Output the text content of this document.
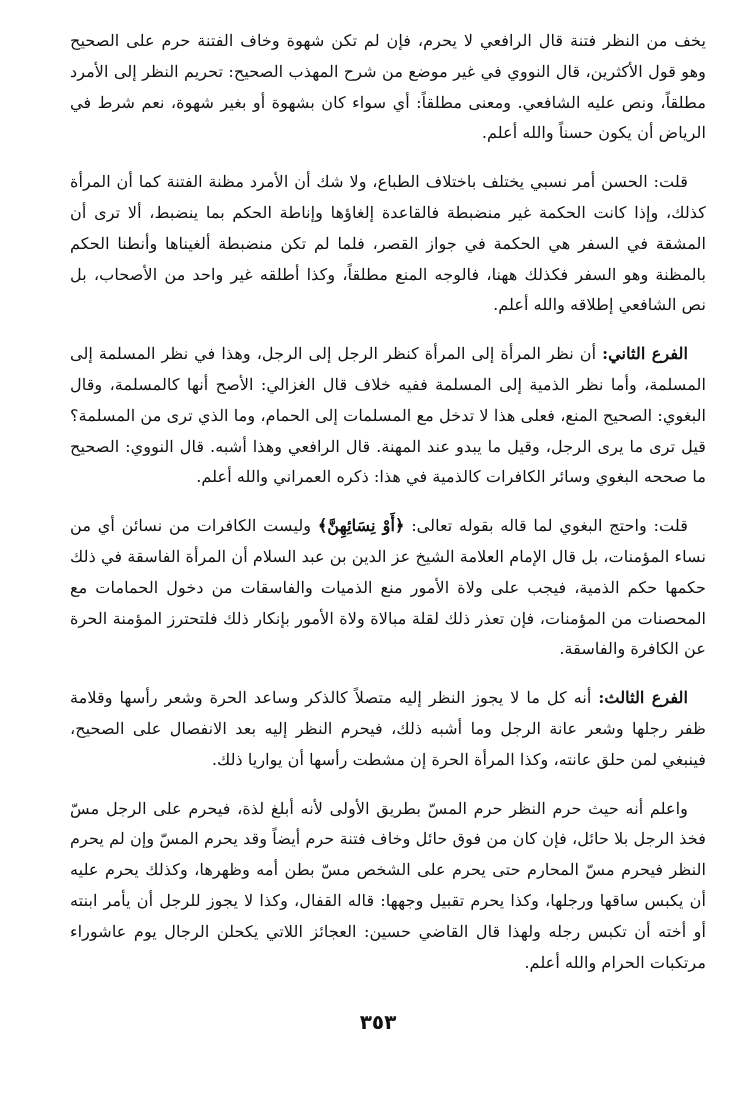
يخف من النظر فتنة قال الرافعي لا يحرم، فإن لم تكن شهوة وخاف الفتنة حرم على الصحيح وهو قول الأكثرين، قال النووي في غير موضع من شرح المهذب الصحيح: تحريم النظر إلى الأمرد مطلقاً، ونص عليه الشافعي. ومعنى مطلقاً: أي سواء كان بشهوة أو بغير شهوة، نعم شرط في الرياض أن يكون حسناً والله أعلم.

قلت: الحسن أمر نسبي يختلف باختلاف الطباع، ولا شك أن الأمرد مظنة الفتنة كما أن المرأة كذلك، وإذا كانت الحكمة غير منضبطة فالقاعدة إلغاؤها وإناطة الحكم بما ينضبط، ألا ترى أن المشقة في السفر هي الحكمة في جواز القصر، فلما لم تكن منضبطة ألغيناها وأنطنا الحكم بالمظنة وهو السفر فكذلك ههنا، فالوجه المنع مطلقاً، وكذا أطلقه غير واحد من الأصحاب، بل نص الشافعي إطلاقه والله أعلم.

الفرع الثاني: أن نظر المرأة إلى المرأة كنظر الرجل إلى الرجل، وهذا في نظر المسلمة إلى المسلمة، وأما نظر الذمية إلى المسلمة ففيه خلاف قال الغزالي: الأصح أنها كالمسلمة، وقال البغوي: الصحيح المنع، فعلى هذا لا تدخل مع المسلمات إلى الحمام، وما الذي ترى من المسلمة؟ قيل ترى ما يرى الرجل، وقيل ما يبدو عند المهنة. قال الرافعي وهذا أشبه. قال النووي: الصحيح ما صححه البغوي وسائر الكافرات كالذمية في هذا: ذكره العمراني والله أعلم.

قلت: واحتج البغوي لما قاله بقوله تعالى: ﴿أَوْ نِسَائِهِنَّ﴾ وليست الكافرات من نسائن أي من نساء المؤمنات، بل قال الإمام العلامة الشيخ عز الدين بن عبد السلام أن المرأة الفاسقة في ذلك حكمها حكم الذمية، فيجب على ولاة الأمور منع الذميات والفاسقات من دخول الحمامات مع المحصنات من المؤمنات، فإن تعذر ذلك لقلة مبالاة ولاة الأمور بإنكار ذلك فلتحترز المؤمنة الحرة عن الكافرة والفاسقة.

الفرع الثالث: أنه كل ما لا يجوز النظر إليه متصلاً كالذكر وساعد الحرة وشعر رأسها وقلامة ظفر رجلها وشعر عانة الرجل وما أشبه ذلك، فيحرم النظر إليه بعد الانفصال على الصحيح، فينبغي لمن حلق عانته، وكذا المرأة الحرة إن مشطت رأسها أن يواريا ذلك.

واعلم أنه حيث حرم النظر حرم المسّ بطريق الأولى لأنه أبلغ لذة، فيحرم على الرجل مسّ فخذ الرجل بلا حائل، فإن كان من فوق حائل وخاف فتنة حرم أيضاً وقد يحرم المسّ وإن لم يحرم النظر فيحرم مسّ المحارم حتى يحرم على الشخص مسّ بطن أمه وظهرها، وكذلك يحرم عليه أن يكبس ساقها ورجلها، وكذا يحرم تقبيل وجهها: قاله القفال، وكذا لا يجوز للرجل أن يأمر ابنته أو أخته أن تكبس رجله ولهذا قال القاضي حسين: العجائز اللاتي يكحلن الرجال يوم عاشوراء مرتكبات الحرام والله أعلم.

٣٥٣
